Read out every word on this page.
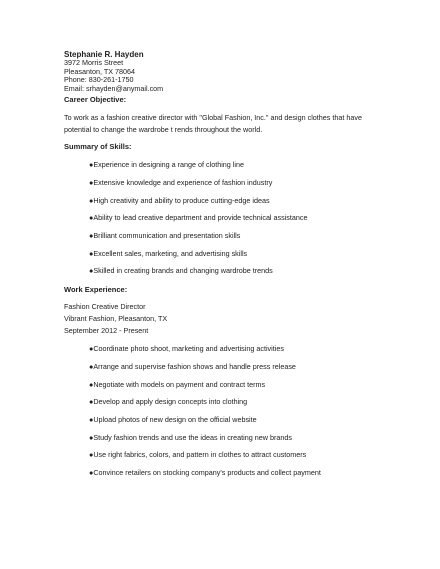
Stephanie R. Hayden
3972 Morris Street
Pleasanton, TX 78064
Phone: 830-261-1750
Email: srhayden@anymail.com
Career Objective:
To work as a fashion creative director with "Global Fashion, Inc." and design clothes that have
potential to change the wardrobe t rends throughout the world.
Summary of Skills:
●Experience in designing a range of clothing line
●Extensive knowledge and experience of fashion industry
●High creativity and ability to produce cutting-edge ideas
●Ability to lead creative department and provide technical assistance
●Brilliant communication and presentation skills
●Excellent sales, marketing, and advertising skills
●Skilled in creating brands and changing wardrobe trends
Work Experience:
Fashion Creative Director
Vibrant Fashion, Pleasanton, TX
September 2012 - Present
●Coordinate photo shoot, marketing and advertising activities
●Arrange and supervise fashion shows and handle press release
●Negotiate with models on payment and contract terms
●Develop and apply design concepts into clothing
●Upload photos of new design on the official website
●Study fashion trends and use the ideas in creating new brands
●Use right fabrics, colors, and pattern in clothes to attract customers
●Convince retailers on stocking company's products and collect payment
